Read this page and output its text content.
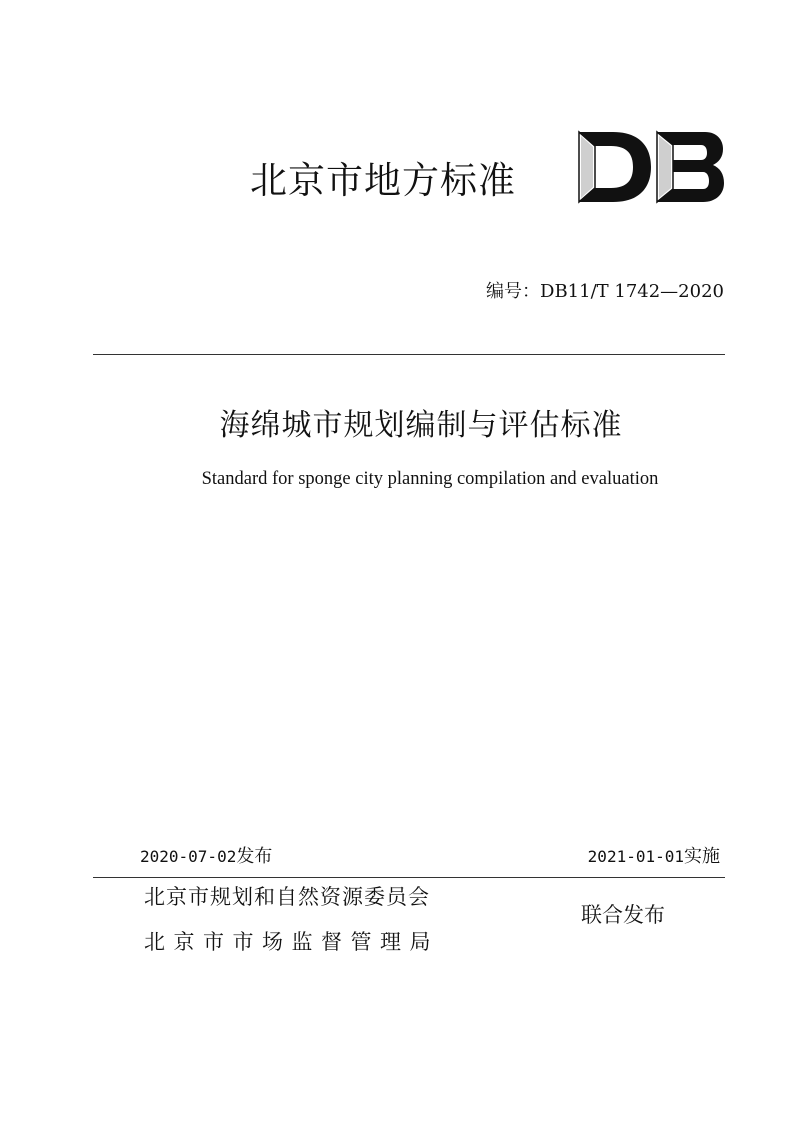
北京市地方标准
编号：DB11/T 1742—2020
海绵城市规划编制与评估标准
Standard for sponge city planning compilation and evaluation
2020-07-02发布	2021-01-01实施
北京市规划和自然资源委员会
北京市市场监督管理局
联合发布
